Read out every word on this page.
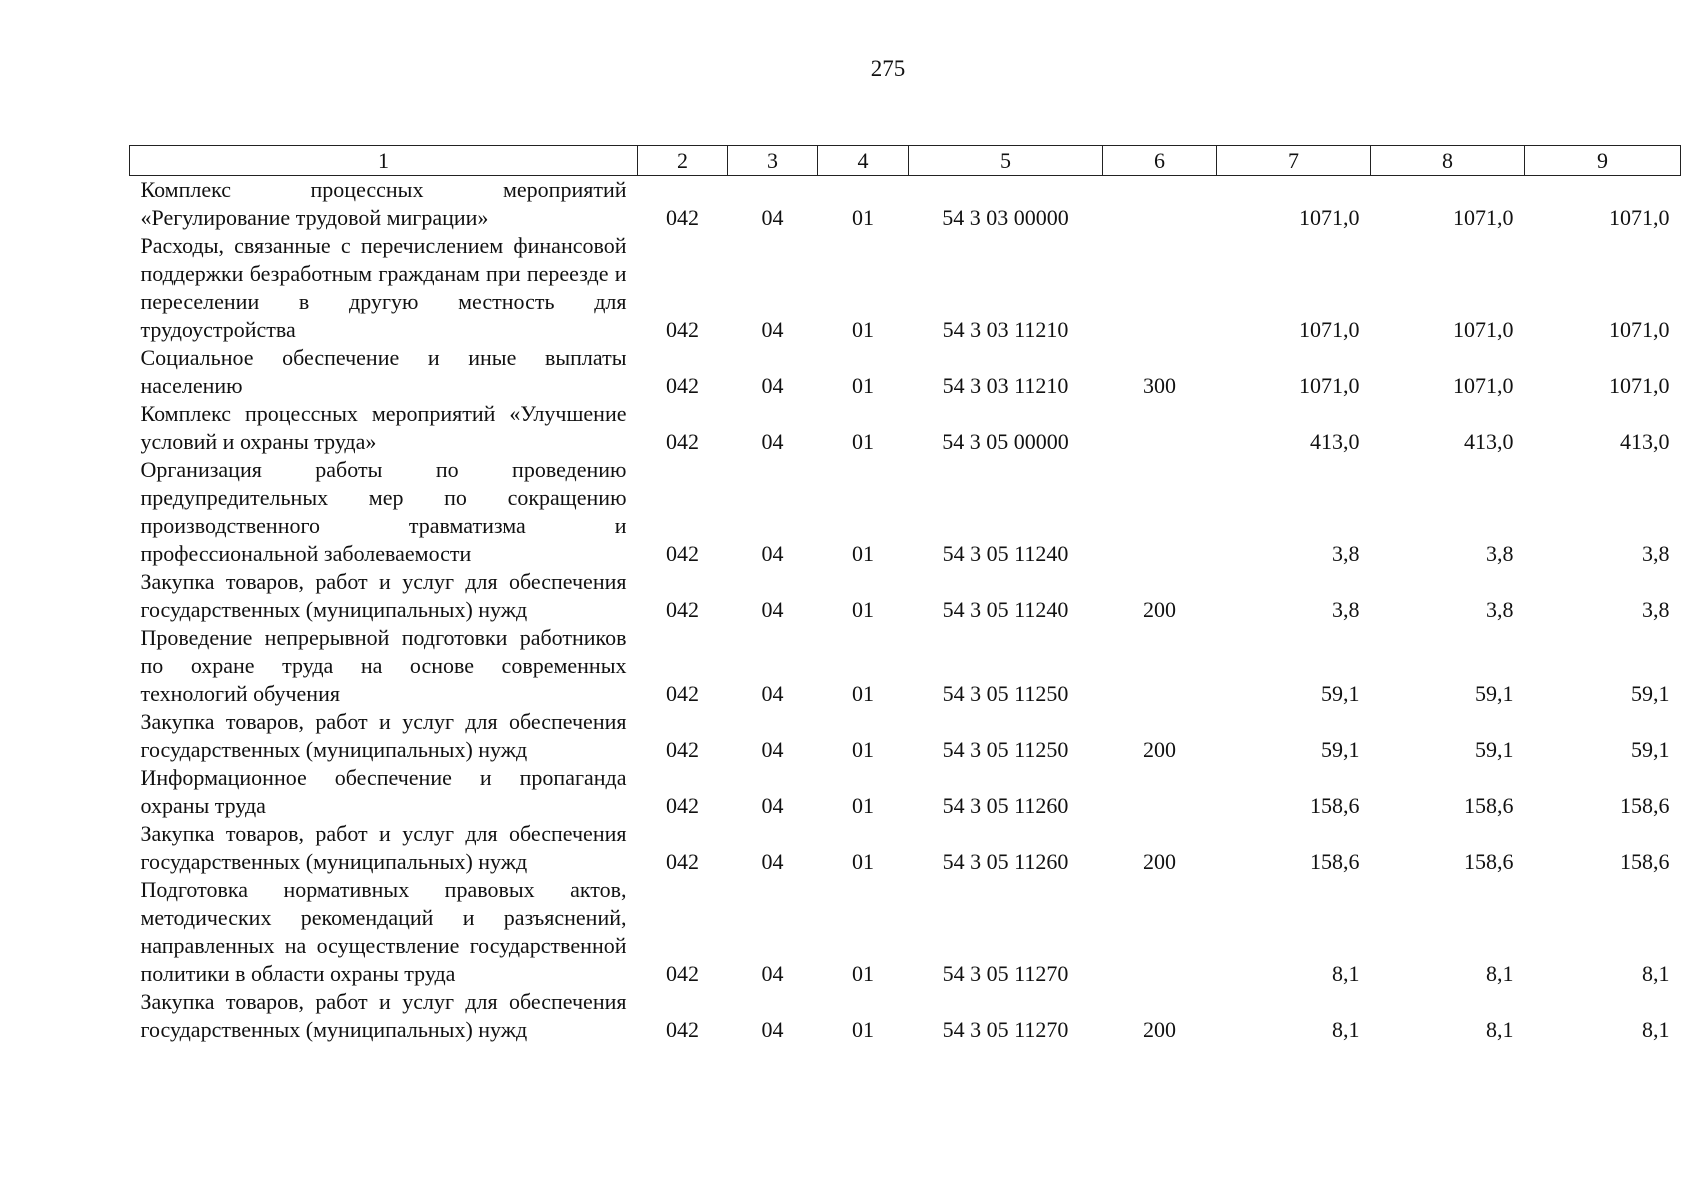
275
1	2	3	4	5	6	7	8	9
Комплекс процессных мероприятий «Регулирование трудовой миграции»	042	04	01	54 3 03 00000		1071,0	1071,0	1071,0
Расходы, связанные с перечислением финансовой поддержки безработным гражданам при переезде и переселении в другую местность для трудоустройства	042	04	01	54 3 03 11210		1071,0	1071,0	1071,0
Социальное обеспечение и иные выплаты населению	042	04	01	54 3 03 11210	300	1071,0	1071,0	1071,0
Комплекс процессных мероприятий «Улучшение условий и охраны труда»	042	04	01	54 3 05 00000		413,0	413,0	413,0
Организация работы по проведению предупредительных мер по сокращению производственного травматизма и профессиональной заболеваемости	042	04	01	54 3 05 11240		3,8	3,8	3,8
Закупка товаров, работ и услуг для обеспечения государственных (муниципальных) нужд	042	04	01	54 3 05 11240	200	3,8	3,8	3,8
Проведение непрерывной подготовки работников по охране труда на основе современных технологий обучения	042	04	01	54 3 05 11250		59,1	59,1	59,1
Закупка товаров, работ и услуг для обеспечения государственных (муниципальных) нужд	042	04	01	54 3 05 11250	200	59,1	59,1	59,1
Информационное обеспечение и пропаганда охраны труда	042	04	01	54 3 05 11260		158,6	158,6	158,6
Закупка товаров, работ и услуг для обеспечения государственных (муниципальных) нужд	042	04	01	54 3 05 11260	200	158,6	158,6	158,6
Подготовка нормативных правовых актов, методических рекомендаций и разъяснений, направленных на осуществление государственной политики в области охраны труда	042	04	01	54 3 05 11270		8,1	8,1	8,1
Закупка товаров, работ и услуг для обеспечения государственных (муниципальных) нужд	042	04	01	54 3 05 11270	200	8,1	8,1	8,1
